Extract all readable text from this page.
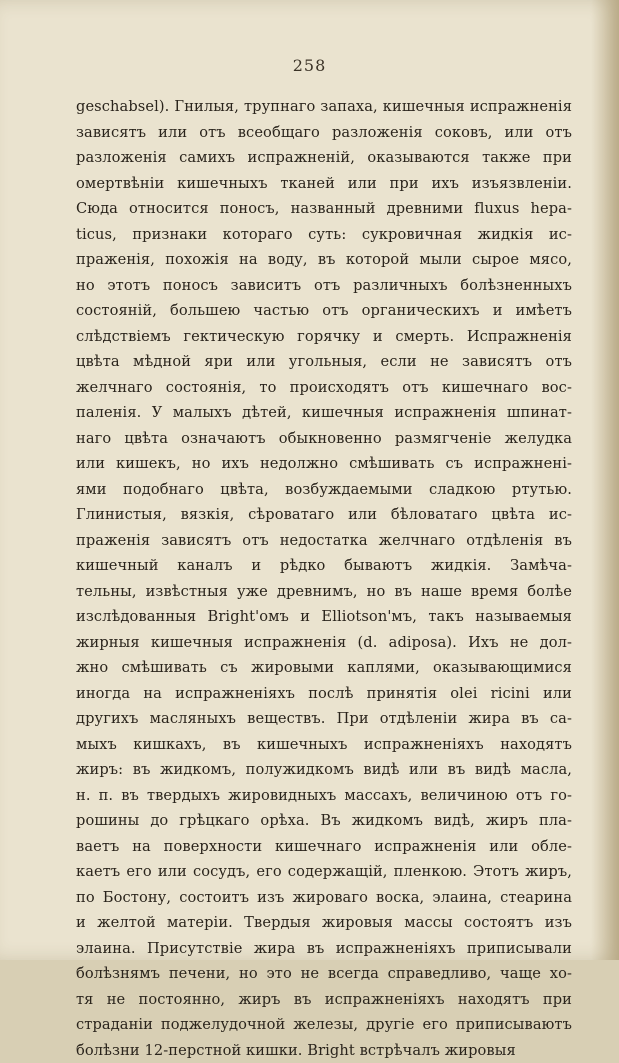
258
geschabsel). Гнилыя, трупнаго запаха, кишечныя испражненія
зависятъ или отъ всеобщаго разложенія соковъ, или отъ
разложенія самихъ испражненій, оказываются также при
омертвѣніи кишечныхъ тканей или при ихъ изъязвленіи.
Сюда относится поносъ, названный древними fluxus hepa-
ticus, признаки котораго суть: сукровичная жидкія ис-
праженія, похожія на воду, въ которой мыли сырое мясо,
но этотъ поносъ зависитъ отъ различныхъ болѣзненныхъ
состояній, большею частью отъ органическихъ и имѣетъ
слѣдствіемъ гектическую горячку и смерть. Испражненія
цвѣта мѣдной яри или угольныя, если не зависятъ отъ
желчнаго состоянія, то происходятъ отъ кишечнаго вос-
паленія. У малыхъ дѣтей, кишечныя испражненія шпинат-
наго цвѣта означаютъ обыкновенно размягченіе желудка
или кишекъ, но ихъ недолжно смѣшивать съ испражненi-
ями подобнаго цвѣта, возбуждаемыми сладкою ртутью.
Глинистыя, вязкія, сѣроватаго или бѣловатаго цвѣта ис-
праженія зависятъ отъ недостатка желчнаго отдѣленія въ
кишечный каналъ и рѣдко бываютъ жидкія. Замѣча-
тельны, извѣстныя уже древнимъ, но въ наше время болѣе
изслѣдованныя Bright'омъ и Elliotson'мъ, такъ называемыя
жирныя кишечныя испражненія (d. adiposa). Ихъ не дол-
жно смѣшивать съ жировыми каплями, оказывающимися
иногда на испражненіяхъ послѣ принятія olei ricini или
другихъ масляныхъ веществъ. При отдѣленіи жира въ са-
мыхъ кишкахъ, въ кишечныхъ испражненіяхъ находятъ
жиръ: въ жидкомъ, полужидкомъ видѣ или въ видѣ масла,
н. п. въ твердыхъ жировидныхъ массахъ, величиною отъ го-
рошины до грѣцкаго орѣха. Въ жидкомъ видѣ, жиръ пла-
ваетъ на поверхности кишечнаго испражненія или обле-
каетъ его или сосудъ, его содержащій, пленкою. Этотъ жиръ,
по Бостону, состоитъ изъ жироваго воска, элаина, стеарина
и желтой матеріи. Твердыя жировыя массы состоятъ изъ
элаина. Присутствіе жира въ испражненіяхъ приписывали
болѣзнямъ печени, но это не всегда справедливо, чаще хо-
тя не постоянно, жиръ въ испражненіяхъ находятъ при
страданіи поджелудочной железы, другіе его приписываютъ
болѣзни 12-перстной кишки. Bright встрѣчалъ жировыя
